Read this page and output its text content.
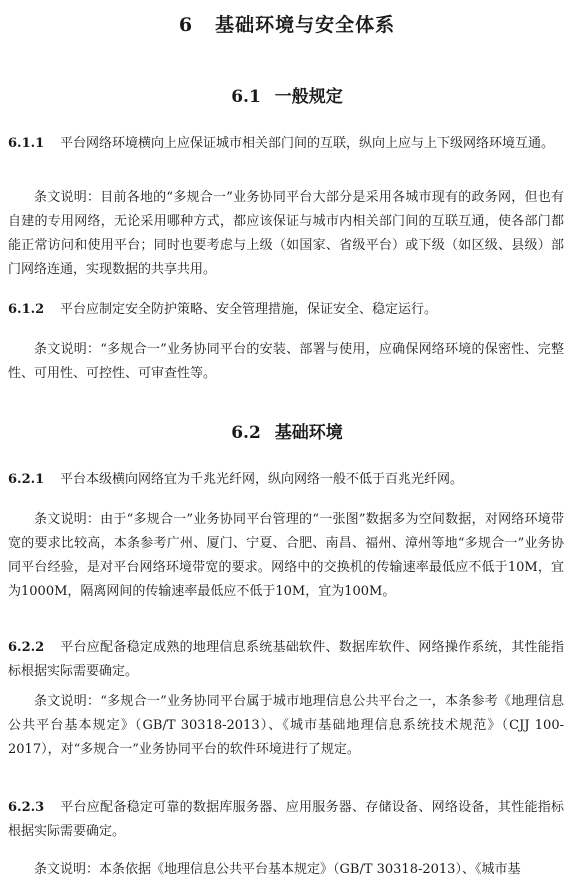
6 基础环境与安全体系
6.1 一般规定
6.1.1 平台网络环境横向上应保证城市相关部门间的互联，纵向上应与上下级网络环境互通。
条文说明：目前各地的“多规合一”业务协同平台大部分是采用各城市现有的政务网，但也有自建的专用网络，无论采用哪种方式，都应该保证与城市内相关部门间的互联互通，使各部门都能正常访问和使用平台；同时也要考虑与上级（如国家、省级平台）或下级（如区级、县级）部门网络连通，实现数据的共享共用。
6.1.2 平台应制定安全防护策略、安全管理措施，保证安全、稳定运行。
条文说明：“多规合一”业务协同平台的安装、部署与使用，应确保网络环境的保密性、完整性、可用性、可控性、可审查性等。
6.2 基础环境
6.2.1 平台本级横向网络宜为千兆光纤网，纵向网络一般不低于百兆光纤网。
条文说明：由于“多规合一”业务协同平台管理的“一张图”数据多为空间数据，对网络环境带宽的要求比较高，本条参考广州、厦门、宁夏、合肥、南昌、福州、漳州等地“多规合一”业务协同平台经验，是对平台网络环境带宽的要求。网络中的交换机的传输速率最低应不低于10M，宜为1000M，隔离网间的传输速率最低应不低于10M，宜为100M。
6.2.2 平台应配备稳定成熟的地理信息系统基础软件、数据库软件、网络操作系统，其性能指标根据实际需要确定。
条文说明：“多规合一”业务协同平台属于城市地理信息公共平台之一，本条参考《地理信息公共平台基本规定》（GB/T 30318-2013）、《城市基础地理信息系统技术规范》（CJJ 100-2017），对“多规合一”业务协同平台的软件环境进行了规定。
6.2.3 平台应配备稳定可靠的数据库服务器、应用服务器、存储设备、网络设备，其性能指标根据实际需要确定。
条文说明：本条依据《地理信息公共平台基本规定》（GB/T 30318-2013）、《城市基
